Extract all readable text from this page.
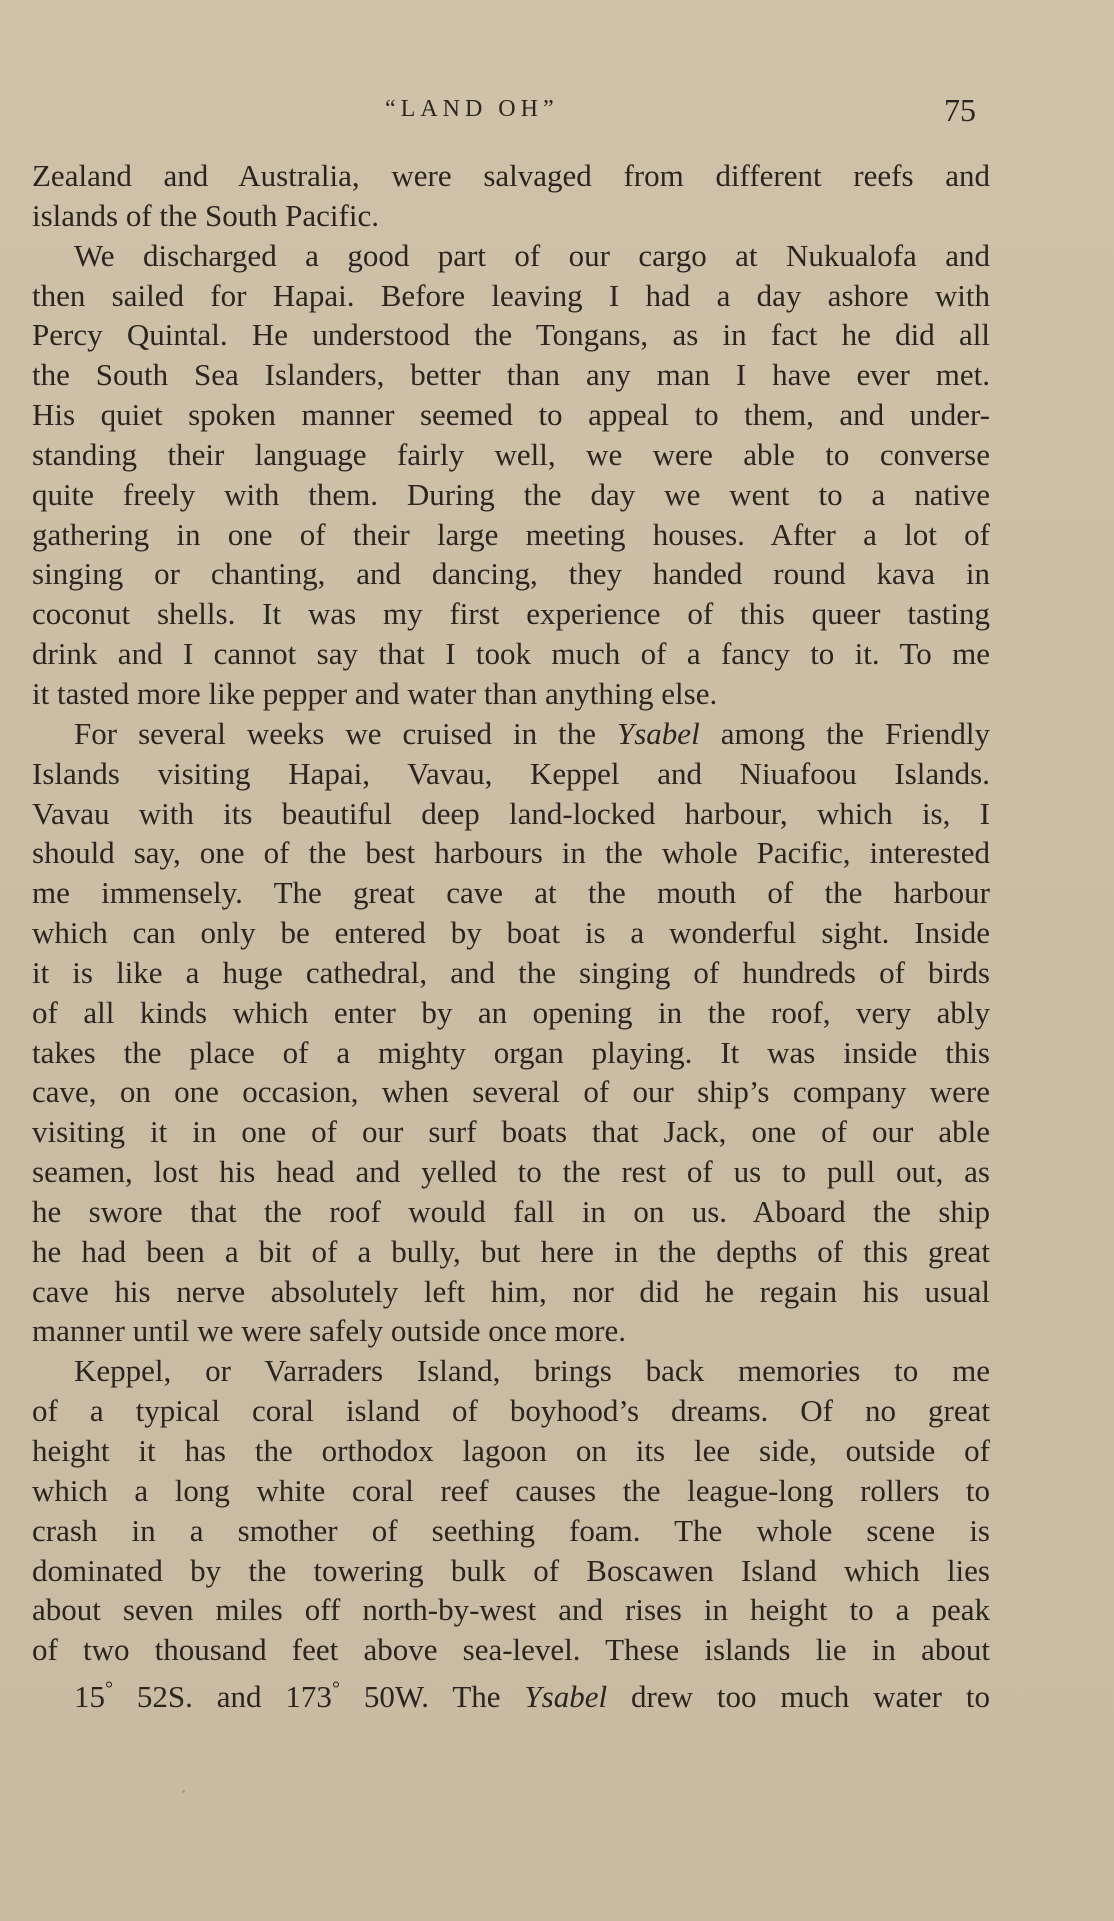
“LAND OH”	75
Zealand and Australia, were salvaged from different reefs and
islands of the South Pacific.
We discharged a good part of our cargo at Nukualofa and
then sailed for Hapai. Before leaving I had a day ashore with
Percy Quintal. He understood the Tongans, as in fact he did all
the South Sea Islanders, better than any man I have ever met.
His quiet spoken manner seemed to appeal to them, and under-
standing their language fairly well, we were able to converse
quite freely with them. During the day we went to a native
gathering in one of their large meeting houses. After a lot of
singing or chanting, and dancing, they handed round kava in
coconut shells. It was my first experience of this queer tasting
drink and I cannot say that I took much of a fancy to it. To me
it tasted more like pepper and water than anything else.
For several weeks we cruised in the Ysabel among the Friendly
Islands visiting Hapai, Vavau, Keppel and Niuafoou Islands.
Vavau with its beautiful deep land-locked harbour, which is, I
should say, one of the best harbours in the whole Pacific, interested
me immensely. The great cave at the mouth of the harbour
which can only be entered by boat is a wonderful sight. Inside
it is like a huge cathedral, and the singing of hundreds of birds
of all kinds which enter by an opening in the roof, very ably
takes the place of a mighty organ playing. It was inside this
cave, on one occasion, when several of our ship’s company were
visiting it in one of our surf boats that Jack, one of our able
seamen, lost his head and yelled to the rest of us to pull out, as
he swore that the roof would fall in on us. Aboard the ship
he had been a bit of a bully, but here in the depths of this great
cave his nerve absolutely left him, nor did he regain his usual
manner until we were safely outside once more.
Keppel, or Varraders Island, brings back memories to me
of a typical coral island of boyhood’s dreams. Of no great
height it has the orthodox lagoon on its lee side, outside of
which a long white coral reef causes the league-long rollers to
crash in a smother of seething foam. The whole scene is
dominated by the towering bulk of Boscawen Island which lies
about seven miles off north-by-west and rises in height to a peak
of two thousand feet above sea-level. These islands lie in about
15° 52S. and 173° 50W. The Ysabel drew too much water to
